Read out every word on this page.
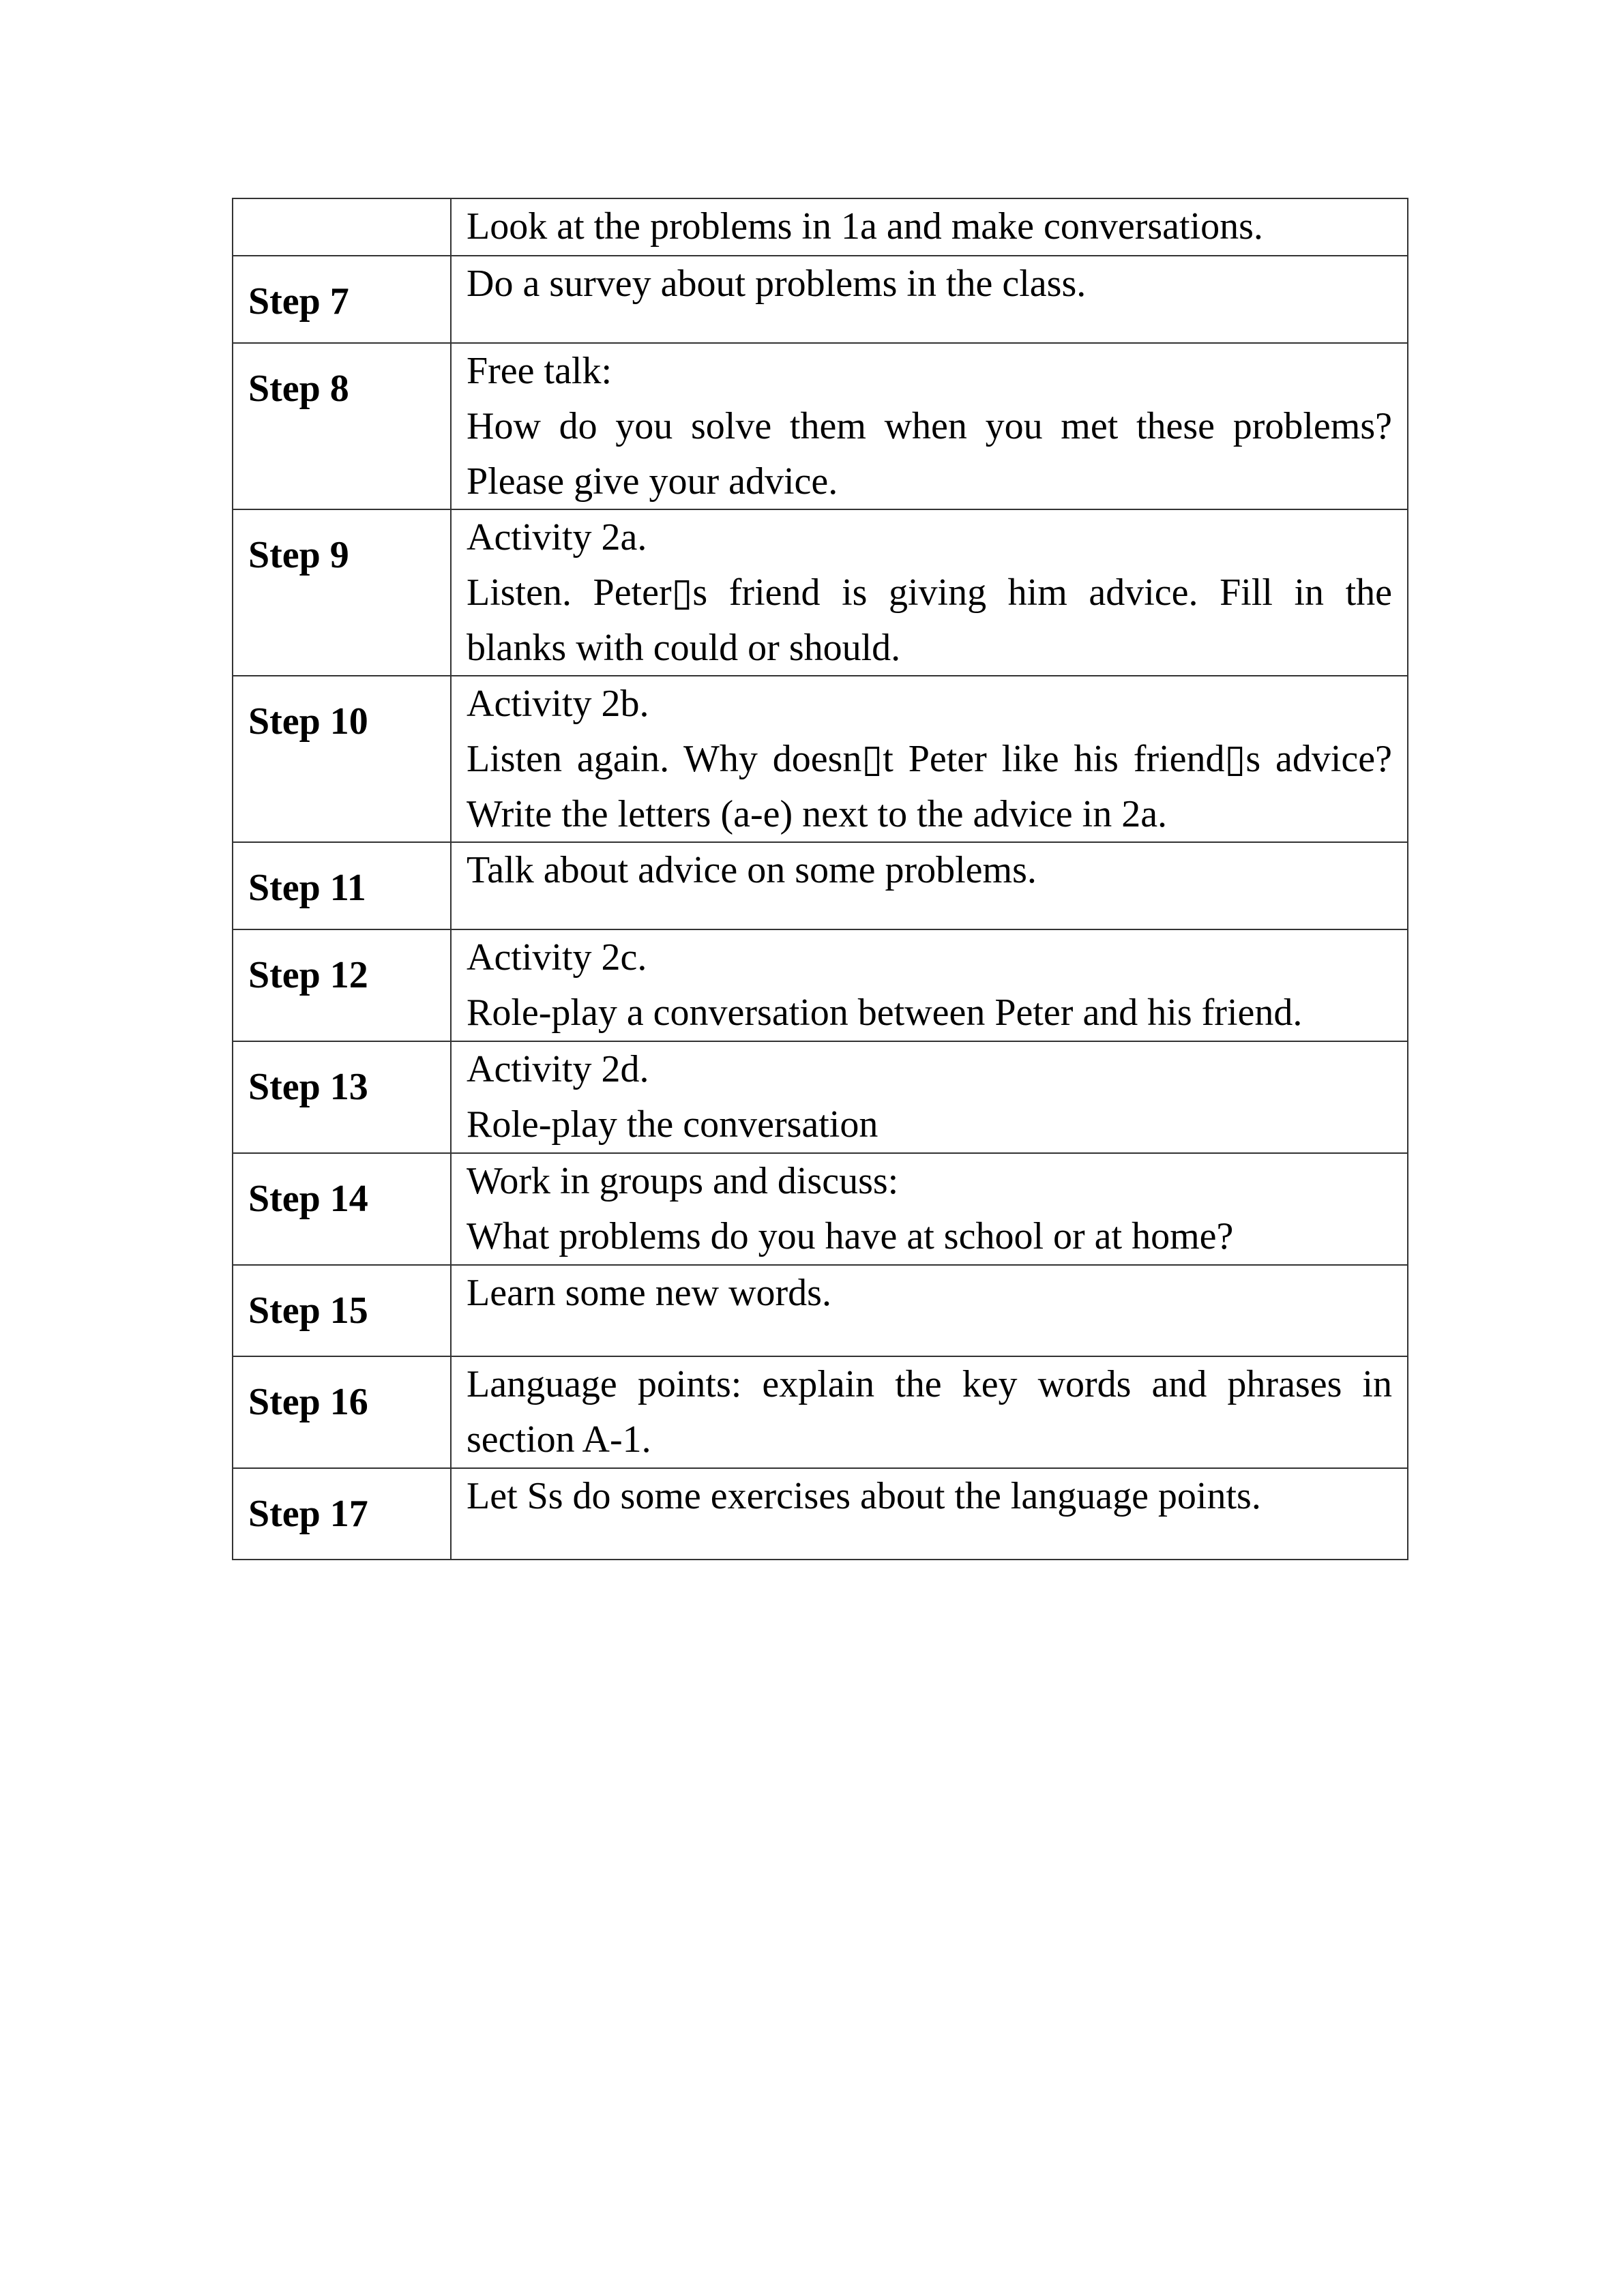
Look at the problems in 1a and make conversations.
Step 7	Do a survey about problems in the class.
Step 8	Free talk:
How do you solve them when you met these problems?
Please give your advice.
Step 9	Activity 2a.
Listen. Peter▯s friend is giving him advice. Fill in the
blanks with could or should.
Step 10	Activity 2b.
Listen again. Why doesn▯t Peter like his friend▯s advice?
Write the letters (a-e) next to the advice in 2a.
Step 11	Talk about advice on some problems.
Step 12	Activity 2c.
Role-play a conversation between Peter and his friend.
Step 13	Activity 2d.
Role-play the conversation
Step 14	Work in groups and discuss:
What problems do you have at school or at home?
Step 15	Learn some new words.
Step 16	Language points: explain the key words and phrases in
section A-1.
Step 17	Let Ss do some exercises about the language points.
